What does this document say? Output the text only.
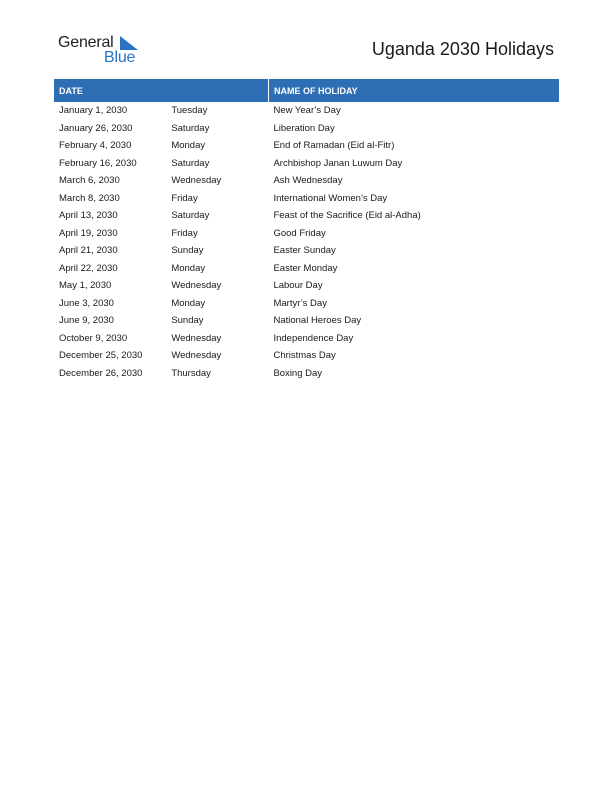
General
Blue	Uganda 2030 Holidays
DATE		NAME OF HOLIDAY
January 1, 2030	Tuesday	New Year’s Day
January 26, 2030	Saturday	Liberation Day
February 4, 2030	Monday	End of Ramadan (Eid al-Fitr)
February 16, 2030	Saturday	Archbishop Janan Luwum Day
March 6, 2030	Wednesday	Ash Wednesday
March 8, 2030	Friday	International Women’s Day
April 13, 2030	Saturday	Feast of the Sacrifice (Eid al-Adha)
April 19, 2030	Friday	Good Friday
April 21, 2030	Sunday	Easter Sunday
April 22, 2030	Monday	Easter Monday
May 1, 2030	Wednesday	Labour Day
June 3, 2030	Monday	Martyr’s Day
June 9, 2030	Sunday	National Heroes Day
October 9, 2030	Wednesday	Independence Day
December 25, 2030	Wednesday	Christmas Day
December 26, 2030	Thursday	Boxing Day
